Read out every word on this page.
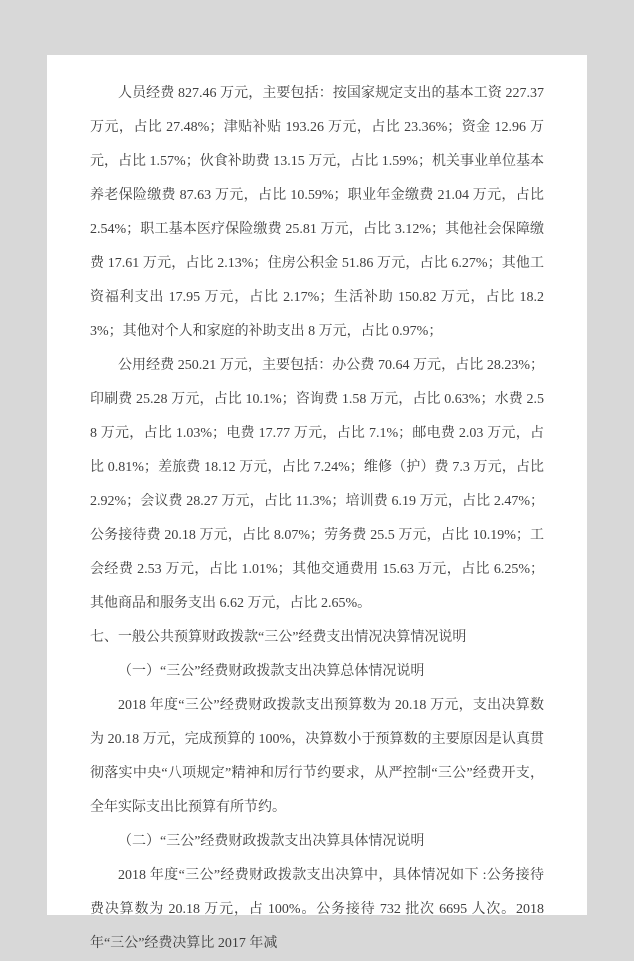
人员经费 827.46 万元，主要包括：按国家规定支出的基本工资 227.37 万元，占比 27.48%；津贴补贴 193.26 万元，占比 23.36%；资金 12.96 万元，占比 1.57%；伙食补助费 13.15 万元，占比 1.59%；机关事业单位基本养老保险缴费 87.63 万元，占比 10.59%；职业年金缴费 21.04 万元，占比 2.54%；职工基本医疗保险缴费 25.81 万元，占比 3.12%；其他社会保障缴费 17.61 万元，占比 2.13%；住房公积金 51.86 万元，占比 6.27%；其他工资福利支出 17.95 万元，占比 2.17%；生活补助 150.82 万元，占比 18.23%；其他对个人和家庭的补助支出 8 万元，占比 0.97%；

公用经费 250.21 万元，主要包括：办公费 70.64 万元，占比 28.23%；印刷费 25.28 万元，占比 10.1%；咨询费 1.58 万元，占比 0.63%；水费 2.58 万元，占比 1.03%；电费 17.77 万元，占比 7.1%；邮电费 2.03 万元，占比 0.81%；差旅费 18.12 万元，占比 7.24%；维修（护）费 7.3 万元，占比 2.92%；会议费 28.27 万元，占比 11.3%；培训费 6.19 万元，占比 2.47%；公务接待费 20.18 万元，占比 8.07%；劳务费 25.5 万元，占比 10.19%；工会经费 2.53 万元，占比 1.01%；其他交通费用 15.63 万元，占比 6.25%；其他商品和服务支出 6.62 万元，占比 2.65%。

七、一般公共预算财政拨款“三公”经费支出情况决算情况说明

（一）“三公”经费财政拨款支出决算总体情况说明

2018 年度“三公”经费财政拨款支出预算数为 20.18 万元，支出决算数为 20.18 万元，完成预算的 100%，决算数小于预算数的主要原因是认真贯彻落实中央“八项规定”精神和厉行节约要求，从严控制“三公”经费开支，全年实际支出比预算有所节约。

（二）“三公”经费财政拨款支出决算具体情况说明

2018 年度“三公”经费财政拨款支出决算中，具体情况如下 :公务接待费决算数为 20.18 万元，占 100%。公务接待 732 批次 6695 人次。2018 年“三公”经费决算比 2017 年减
